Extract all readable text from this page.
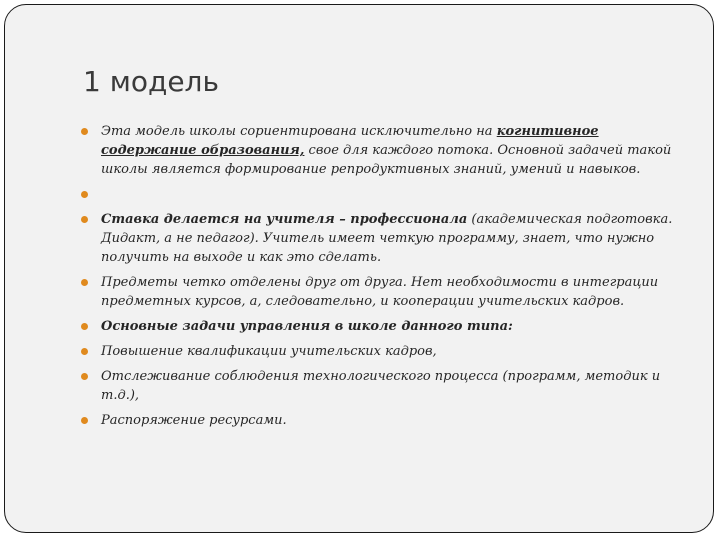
1 модель
Эта модель школы сориентирована исключительно на когнитивное содержание образования, свое для каждого потока. Основной задачей такой школы является формирование репродуктивных знаний, умений и навыков.
Ставка делается на учителя – профессионала (академическая подготовка. Дидакт, а не педагог). Учитель имеет четкую программу, знает, что нужно получить на выходе и как это сделать.
Предметы четко отделены друг от друга. Нет необходимости в интеграции предметных курсов, а, следовательно, и кооперации учительских кадров.
Основные задачи управления в школе данного типа:
Повышение квалификации учительских кадров,
Отслеживание соблюдения технологического процесса (программ, методик и т.д.),
Распоряжение ресурсами.
